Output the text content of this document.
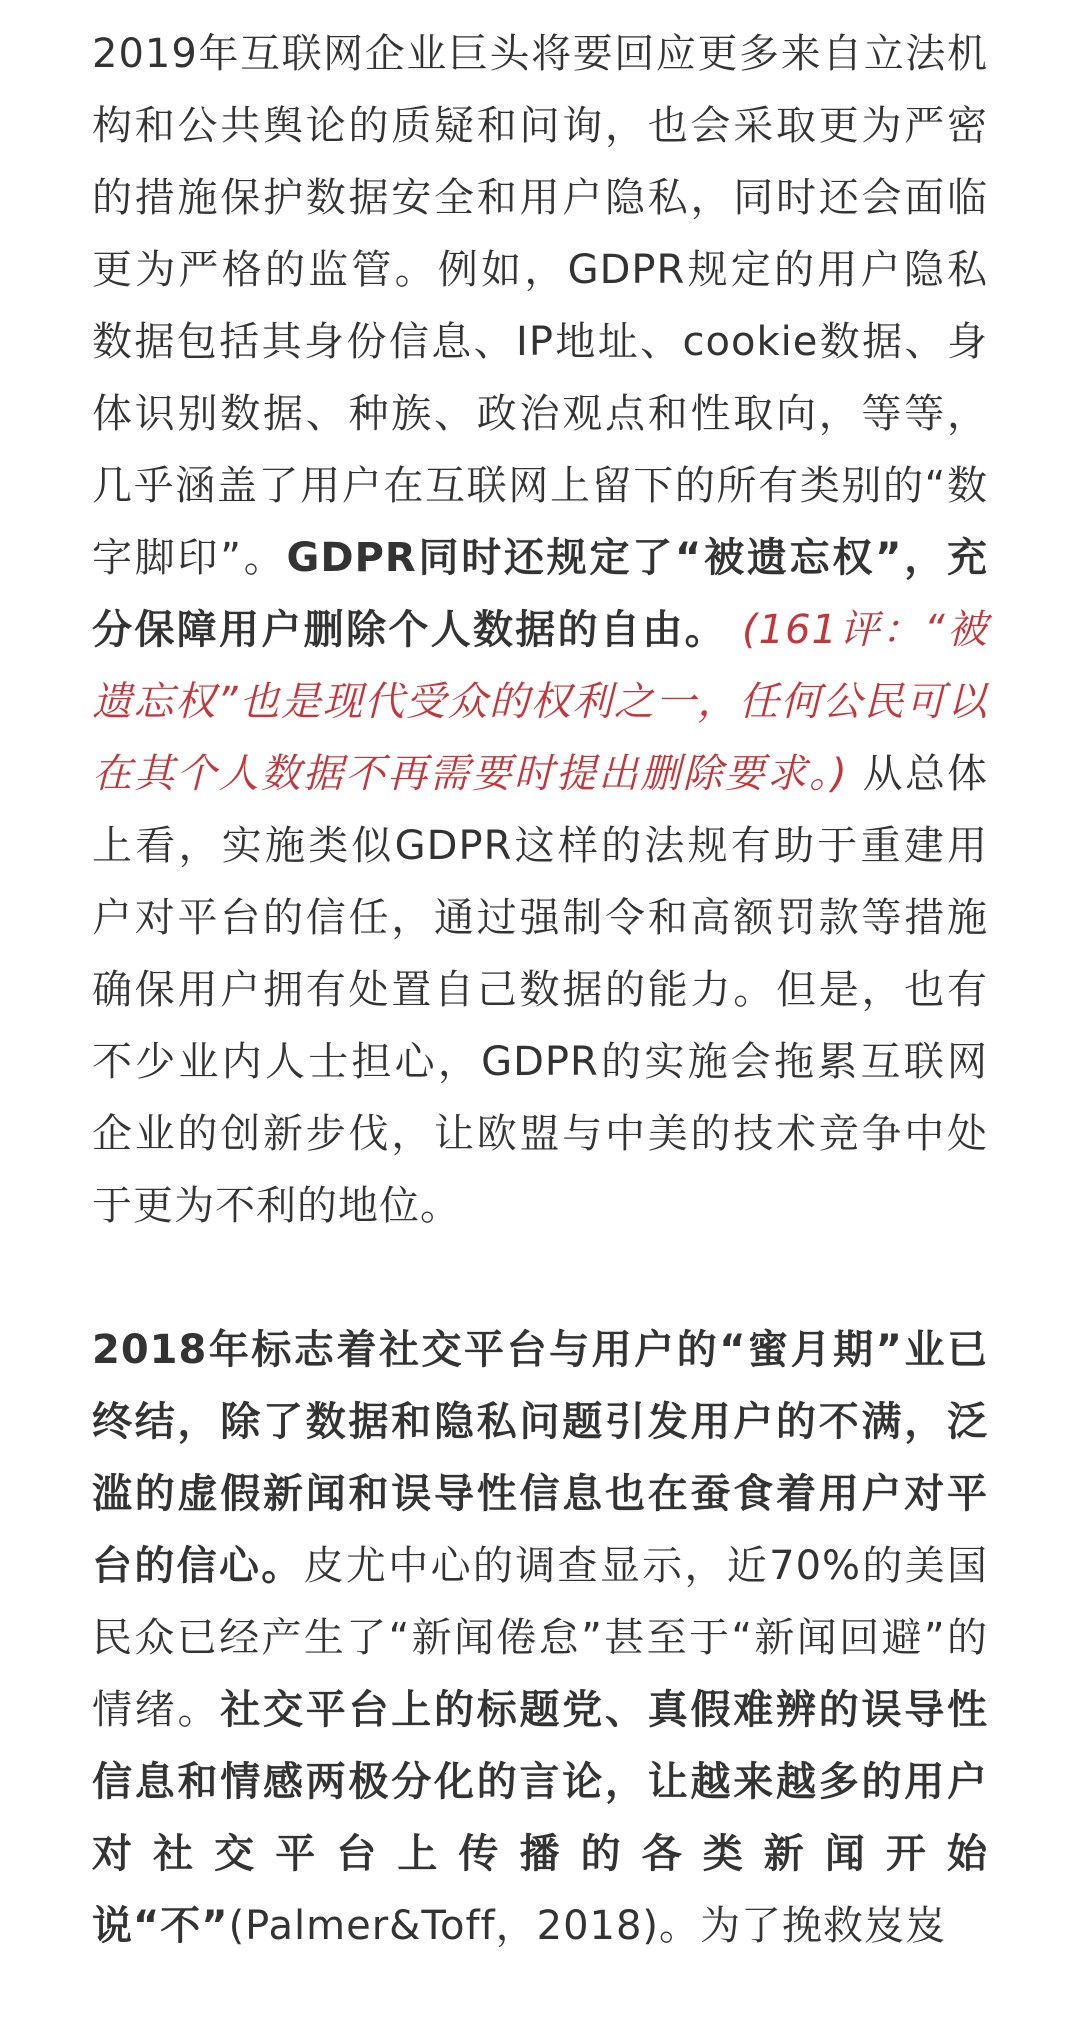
2019年互联网企业巨头将要回应更多来自立法机构和公共舆论的质疑和问询，也会采取更为严密的措施保护数据安全和用户隐私，同时还会面临更为严格的监管。例如，GDPR规定的用户隐私数据包括其身份信息、IP地址、cookie数据、身体识别数据、种族、政治观点和性取向，等等，几乎涵盖了用户在互联网上留下的所有类别的“数字脚印”。GDPR同时还规定了“被遗忘权”，充分保障用户删除个人数据的自由。 (161评：“被遗忘权”也是现代受众的权利之一，任何公民可以在其个人数据不再需要时提出删除要求。) 从总体上看，实施类似GDPR这样的法规有助于重建用户对平台的信任，通过强制令和高额罚款等措施确保用户拥有处置自己数据的能力。但是，也有不少业内人士担心，GDPR的实施会拖累互联网企业的创新步伐，让欧盟与中美的技术竞争中处于更为不利的地位。

2018年标志着社交平台与用户的“蜜月期”业已终结，除了数据和隐私问题引发用户的不满，泛滥的虚假新闻和误导性信息也在蚕食着用户对平台的信心。皮尤中心的调查显示，近70%的美国民众已经产生了“新闻倦怠”甚至于“新闻回避”的情绪。社交平台上的标题党、真假难辨的误导性信息和情感两极分化的言论，让越来越多的用户对社交平台上传播的各类新闻开始说“不”(Palmer&Toff，2018)。为了挽救岌岌
